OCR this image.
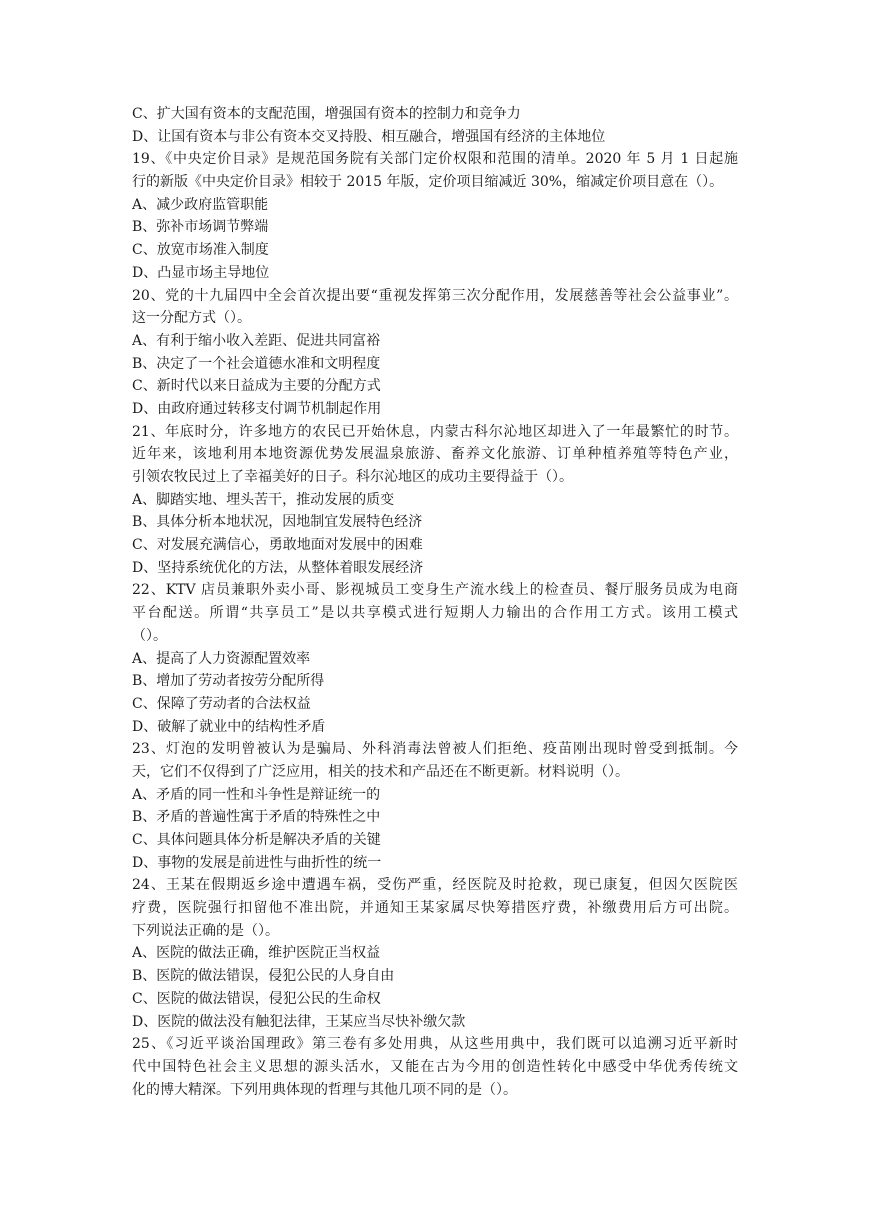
C、扩大国有资本的支配范围，增强国有资本的控制力和竞争力
D、让国有资本与非公有资本交叉持股、相互融合，增强国有经济的主体地位
19、《中央定价目录》是规范国务院有关部门定价权限和范围的清单。2020 年 5 月 1 日起施
行的新版《中央定价目录》相较于 2015 年版，定价项目缩减近 30%，缩减定价项目意在（）。
A、减少政府监管职能
B、弥补市场调节弊端
C、放宽市场准入制度
D、凸显市场主导地位
20、党的十九届四中全会首次提出要“重视发挥第三次分配作用，发展慈善等社会公益事业”。
这一分配方式（）。
A、有利于缩小收入差距、促进共同富裕
B、决定了一个社会道德水准和文明程度
C、新时代以来日益成为主要的分配方式
D、由政府通过转移支付调节机制起作用
21、年底时分，许多地方的农民已开始休息，内蒙古科尔沁地区却进入了一年最繁忙的时节。
近年来，该地利用本地资源优势发展温泉旅游、畜养文化旅游、订单种植养殖等特色产业，
引领农牧民过上了幸福美好的日子。科尔沁地区的成功主要得益于（）。
A、脚踏实地、埋头苦干，推动发展的质变
B、具体分析本地状况，因地制宜发展特色经济
C、对发展充满信心，勇敢地面对发展中的困难
D、坚持系统优化的方法，从整体着眼发展经济
22、KTV 店员兼职外卖小哥、影视城员工变身生产流水线上的检查员、餐厅服务员成为电商
平台配送。所谓“共享员工”是以共享模式进行短期人力输出的合作用工方式。该用工模式
（）。
A、提高了人力资源配置效率
B、增加了劳动者按劳分配所得
C、保障了劳动者的合法权益
D、破解了就业中的结构性矛盾
23、灯泡的发明曾被认为是骗局、外科消毒法曾被人们拒绝、疫苗刚出现时曾受到抵制。今
天，它们不仅得到了广泛应用，相关的技术和产品还在不断更新。材料说明（）。
A、矛盾的同一性和斗争性是辩证统一的
B、矛盾的普遍性寓于矛盾的特殊性之中
C、具体问题具体分析是解决矛盾的关键
D、事物的发展是前进性与曲折性的统一
24、王某在假期返乡途中遭遇车祸，受伤严重，经医院及时抢救，现已康复，但因欠医院医
疗费，医院强行扣留他不准出院，并通知王某家属尽快筹措医疗费，补缴费用后方可出院。
下列说法正确的是（）。
A、医院的做法正确，维护医院正当权益
B、医院的做法错误，侵犯公民的人身自由
C、医院的做法错误，侵犯公民的生命权
D、医院的做法没有触犯法律，王某应当尽快补缴欠款
25、《习近平谈治国理政》第三卷有多处用典，从这些用典中，我们既可以追溯习近平新时
代中国特色社会主义思想的源头活水，又能在古为今用的创造性转化中感受中华优秀传统文
化的博大精深。下列用典体现的哲理与其他几项不同的是（）。
